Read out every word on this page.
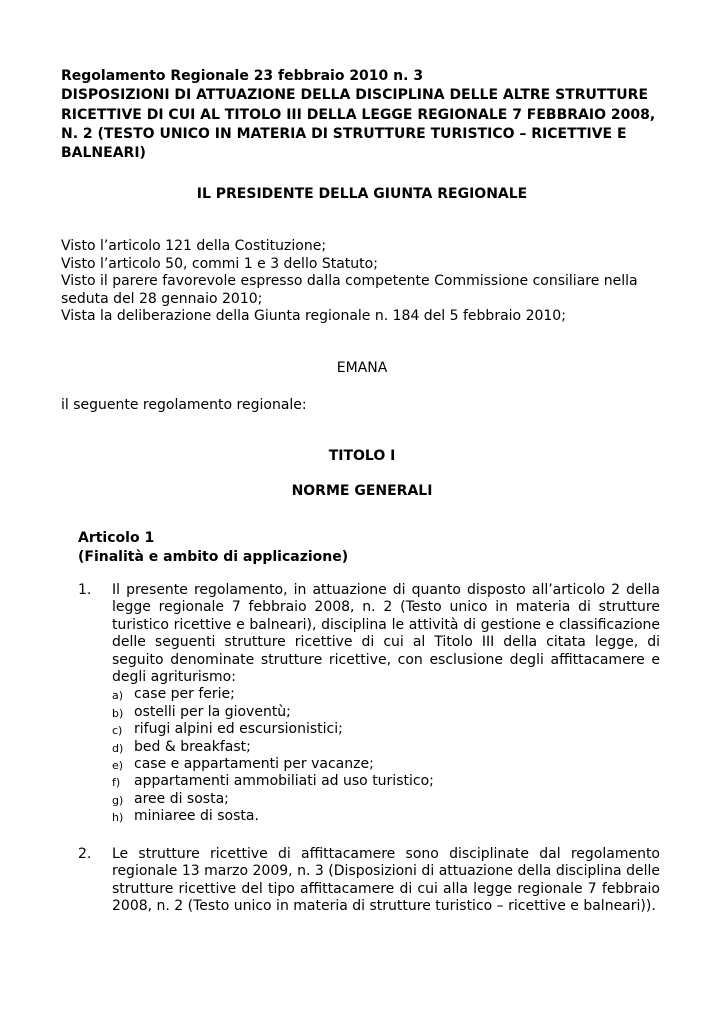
Regolamento Regionale 23 febbraio 2010 n. 3
DISPOSIZIONI DI ATTUAZIONE DELLA DISCIPLINA DELLE ALTRE STRUTTURE RICETTIVE DI CUI AL TITOLO III DELLA LEGGE REGIONALE 7 FEBBRAIO 2008, N. 2 (TESTO UNICO IN MATERIA DI STRUTTURE TURISTICO – RICETTIVE E BALNEARI)
IL PRESIDENTE DELLA GIUNTA REGIONALE
Visto l’articolo 121 della Costituzione;
Visto l’articolo 50, commi 1 e 3 dello Statuto;
Visto il parere favorevole espresso dalla competente Commissione consiliare nella seduta del 28 gennaio 2010;
Vista la deliberazione della Giunta regionale n. 184 del 5 febbraio 2010;
EMANA
il seguente regolamento regionale:
TITOLO I
NORME GENERALI
Articolo 1
(Finalità e ambito di applicazione)
1. Il presente regolamento, in attuazione di quanto disposto all’articolo 2 della legge regionale 7 febbraio 2008, n. 2 (Testo unico in materia di strutture turistico ricettive e balneari), disciplina le attività di gestione e classificazione delle seguenti strutture ricettive di cui al Titolo III della citata legge, di seguito denominate strutture ricettive, con esclusione degli affittacamere e degli agriturismo:
a) case per ferie;
b) ostelli per la gioventù;
c) rifugi alpini ed escursionistici;
d) bed & breakfast;
e) case e appartamenti per vacanze;
f) appartamenti ammobiliati ad uso turistico;
g) aree di sosta;
h) miniaree di sosta.
2. Le strutture ricettive di affittacamere sono disciplinate dal regolamento regionale 13 marzo 2009, n. 3 (Disposizioni di attuazione della disciplina delle strutture ricettive del tipo affittacamere di cui alla legge regionale 7 febbraio 2008, n. 2 (Testo unico in materia di strutture turistico – ricettive e balneari)).
